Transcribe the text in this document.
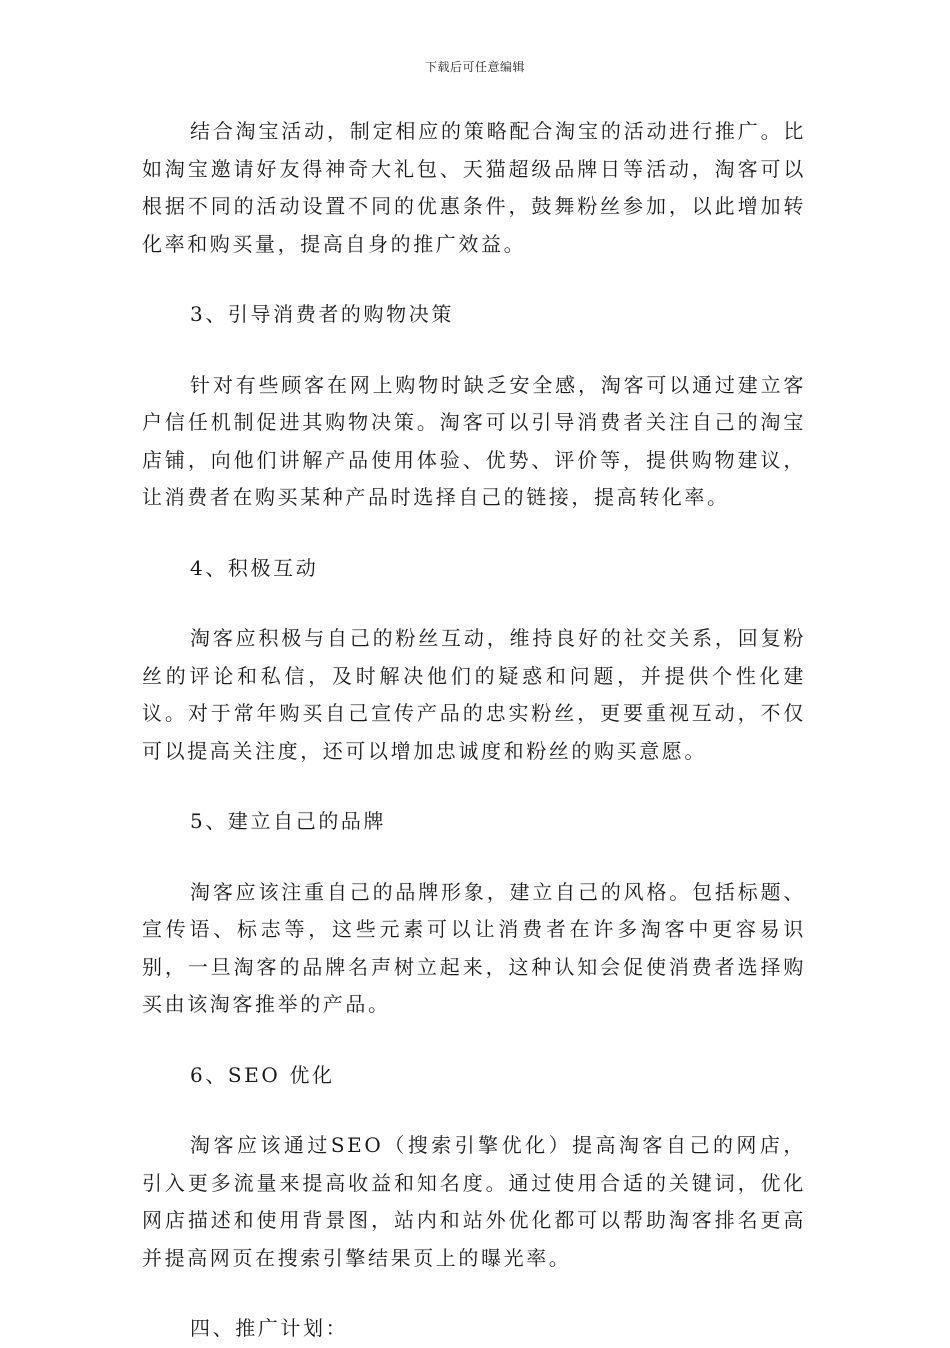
下载后可任意编辑

结合淘宝活动，制定相应的策略配合淘宝的活动进行推广。比如淘宝邀请好友得神奇大礼包、天猫超级品牌日等活动，淘客可以根据不同的活动设置不同的优惠条件，鼓舞粉丝参加，以此增加转化率和购买量，提高自身的推广效益。

3、引导消费者的购物决策

针对有些顾客在网上购物时缺乏安全感，淘客可以通过建立客户信任机制促进其购物决策。淘客可以引导消费者关注自己的淘宝店铺，向他们讲解产品使用体验、优势、评价等，提供购物建议，让消费者在购买某种产品时选择自己的链接，提高转化率。

4、积极互动

淘客应积极与自己的粉丝互动，维持良好的社交关系，回复粉丝的评论和私信，及时解决他们的疑惑和问题，并提供个性化建议。对于常年购买自己宣传产品的忠实粉丝，更要重视互动，不仅可以提高关注度，还可以增加忠诚度和粉丝的购买意愿。

5、建立自己的品牌

淘客应该注重自己的品牌形象，建立自己的风格。包括标题、宣传语、标志等，这些元素可以让消费者在许多淘客中更容易识别，一旦淘客的品牌名声树立起来，这种认知会促使消费者选择购买由该淘客推举的产品。

6、SEO 优化

淘客应该通过SEO（搜索引擎优化）提高淘客自己的网店，引入更多流量来提高收益和知名度。通过使用合适的关键词，优化网店描述和使用背景图，站内和站外优化都可以帮助淘客排名更高并提高网页在搜索引擎结果页上的曝光率。

四、推广计划：
